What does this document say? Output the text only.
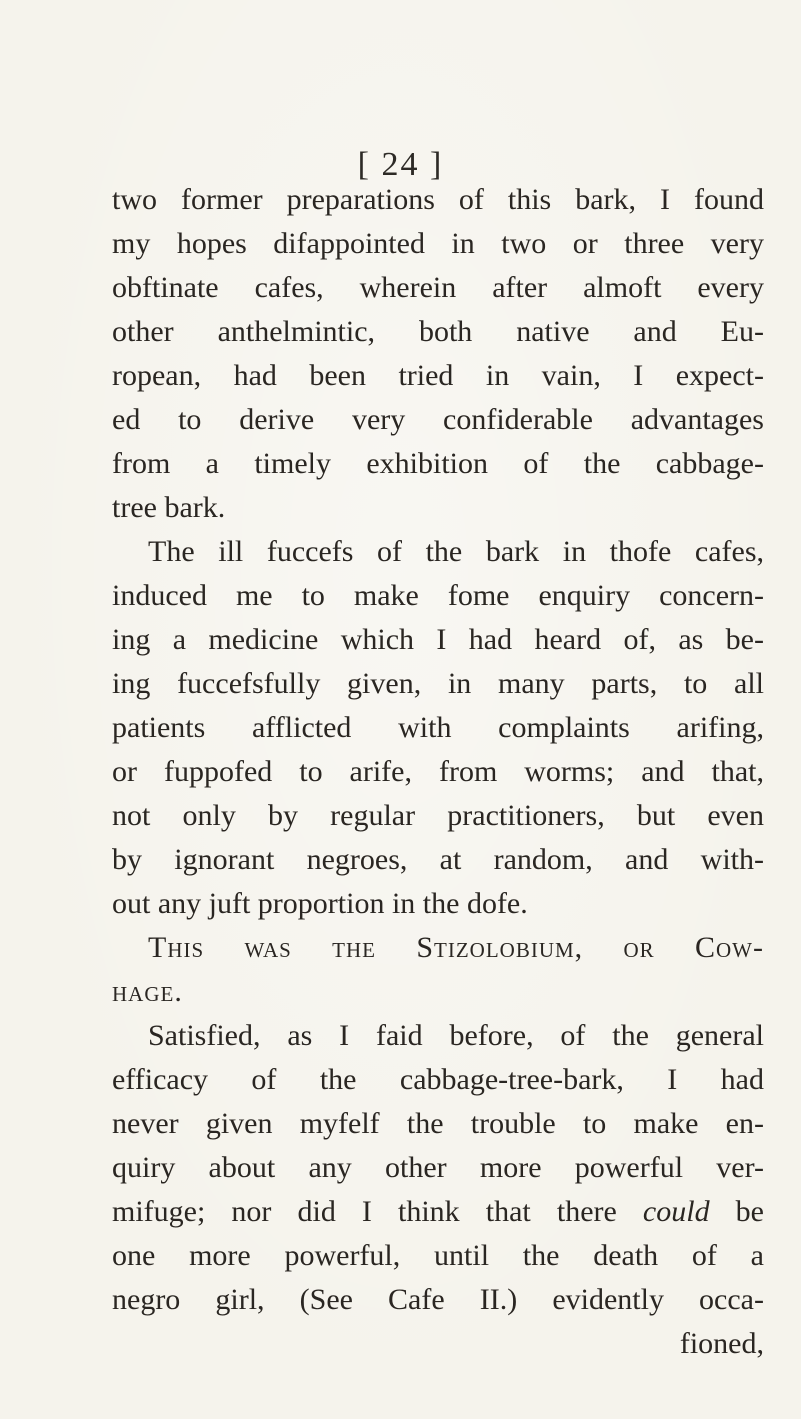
[ 24 ]
two former preparations of this bark, I found
my hopes difappointed in two or three very
obftinate cafes, wherein after almoft every
other anthelmintic, both native and Eu-
ropean, had been tried in vain, I expect-
ed to derive very confiderable advantages
from a timely exhibition of the cabbage-
tree bark.
The ill fuccefs of the bark in thofe cafes,
induced me to make fome enquiry concern-
ing a medicine which I had heard of, as be-
ing fuccefsfully given, in many parts, to all
patients afflicted with complaints arifing,
or fuppofed to arife, from worms; and that,
not only by regular practitioners, but even
by ignorant negroes, at random, and with-
out any juft proportion in the dofe.
This was the Stizolobium, or Cow-
hage.
Satisfied, as I faid before, of the general
efficacy of the cabbage-tree-bark, I had
never given myfelf the trouble to make en-
quiry about any other more powerful ver-
mifuge; nor did I think that there could be
one more powerful, until the death of a
negro girl, (See Cafe II.) evidently occa-
fioned,
